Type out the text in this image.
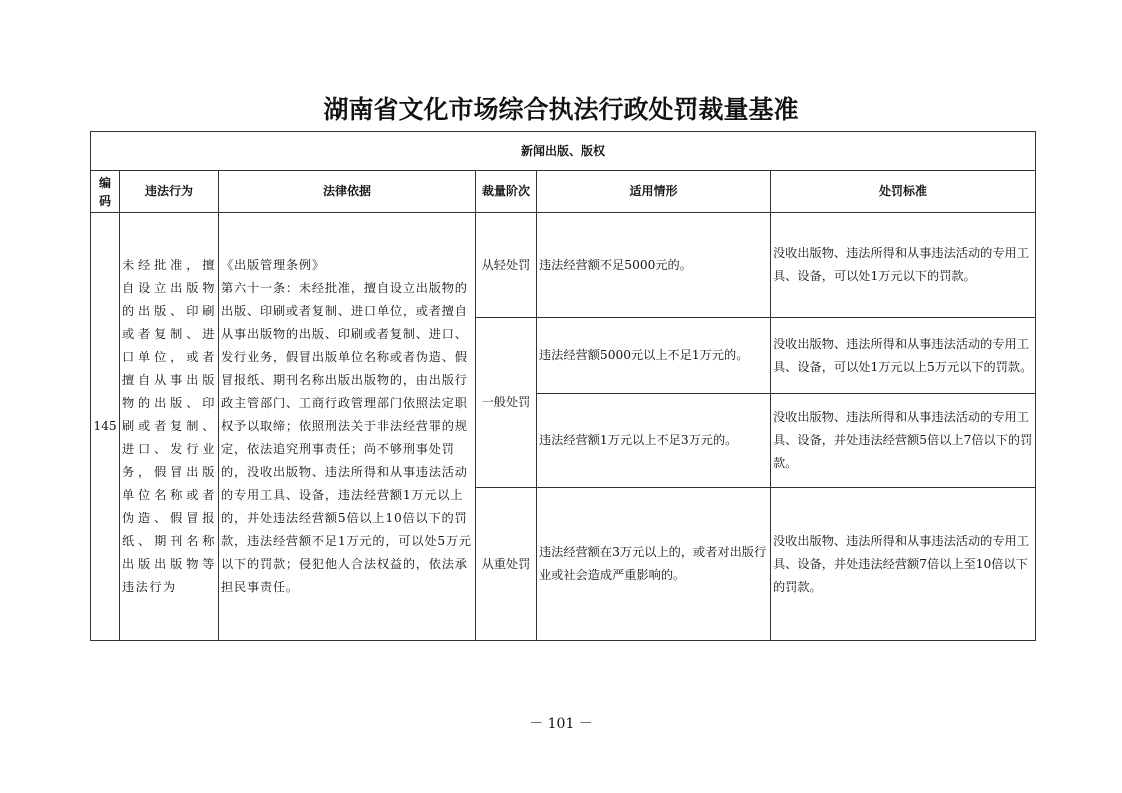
湖南省文化市场综合执法行政处罚裁量基准
新闻出版、版权					
编码	违法行为	法律依据	裁量阶次	适用情形	处罚标准
145	未经批准，擅自设立出版物的出版、印刷或者复制、进口单位，或者擅自从事出版物的出版、印刷或者复制、进口、发行业务，假冒出版单位名称或者伪造、假冒报纸、期刊名称出版出版物等违法行为	《出版管理条例》
第六十一条：未经批准，擅自设立出版物的出版、印刷或者复制、进口单位，或者擅自从事出版物的出版、印刷或者复制、进口、发行业务，假冒出版单位名称或者伪造、假冒报纸、期刊名称出版出版物的，由出版行政主管部门、工商行政管理部门依照法定职权予以取缔；依照刑法关于非法经营罪的规定，依法追究刑事责任；尚不够刑事处罚的，没收出版物、违法所得和从事违法活动的专用工具、设备，违法经营额1万元以上的，并处违法经营额5倍以上10倍以下的罚款，违法经营额不足1万元的，可以处5万元以下的罚款；侵犯他人合法权益的，依法承担民事责任。	从轻处罚	违法经营额不足5000元的。	没收出版物、违法所得和从事违法活动的专用工具、设备，可以处1万元以下的罚款。
			一般处罚	违法经营额5000元以上不足1万元的。	没收出版物、违法所得和从事违法活动的专用工具、设备，可以处1万元以上5万元以下的罚款。
				违法经营额1万元以上不足3万元的。	没收出版物、违法所得和从事违法活动的专用工具、设备，并处违法经营额5倍以上7倍以下的罚款。
			从重处罚	违法经营额在3万元以上的，或者对出版行业或社会造成严重影响的。	没收出版物、违法所得和从事违法活动的专用工具、设备，并处违法经营额7倍以上至10倍以下的罚款。
－ 101 －
